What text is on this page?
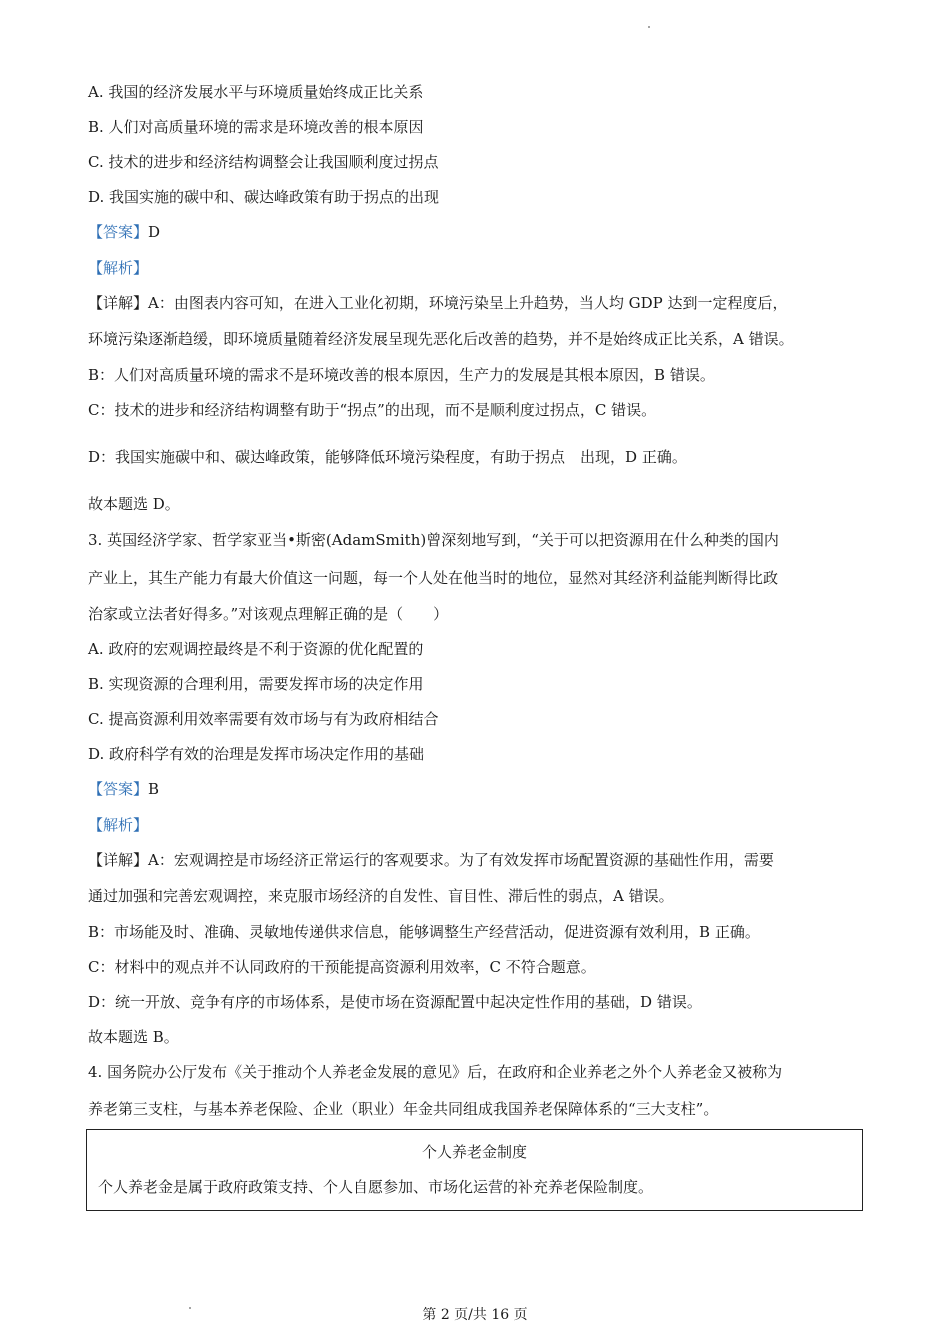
A. 我国的经济发展水平与环境质量始终成正比关系
B. 人们对高质量环境的需求是环境改善的根本原因
C. 技术的进步和经济结构调整会让我国顺利度过拐点
D. 我国实施的碳中和、碳达峰政策有助于拐点的出现
【答案】D
【解析】
【详解】A：由图表内容可知，在进入工业化初期，环境污染呈上升趋势，当人均 GDP 达到一定程度后，
环境污染逐渐趋缓，即环境质量随着经济发展呈现先恶化后改善的趋势，并不是始终成正比关系，A 错误。
B：人们对高质量环境的需求不是环境改善的根本原因，生产力的发展是其根本原因，B 错误。
C：技术的进步和经济结构调整有助于“拐点”的出现，而不是顺利度过拐点，C 错误。
D：我国实施碳中和、碳达峰政策，能够降低环境污染程度，有助于拐点　出现，D 正确。
故本题选 D。
3. 英国经济学家、哲学家亚当•斯密(AdamSmith)曾深刻地写到，“关于可以把资源用在什么种类的国内
产业上，其生产能力有最大价值这一问题，每一个人处在他当时的地位，显然对其经济利益能判断得比政
治家或立法者好得多。”对该观点理解正确的是（　　）
A. 政府的宏观调控最终是不利于资源的优化配置的
B. 实现资源的合理利用，需要发挥市场的决定作用
C. 提高资源利用效率需要有效市场与有为政府相结合
D. 政府科学有效的治理是发挥市场决定作用的基础
【答案】B
【解析】
【详解】A：宏观调控是市场经济正常运行的客观要求。为了有效发挥市场配置资源的基础性作用，需要
通过加强和完善宏观调控，来克服市场经济的自发性、盲目性、滞后性的弱点，A 错误。
B：市场能及时、准确、灵敏地传递供求信息，能够调整生产经营活动，促进资源有效利用，B 正确。
C：材料中的观点并不认同政府的干预能提高资源利用效率，C 不符合题意。
D：统一开放、竞争有序的市场体系，是使市场在资源配置中起决定性作用的基础，D 错误。
故本题选 B。
4. 国务院办公厅发布《关于推动个人养老金发展的意见》后，在政府和企业养老之外个人养老金又被称为
养老第三支柱，与基本养老保险、企业（职业）年金共同组成我国养老保障体系的“三大支柱”。
个人养老金制度
个人养老金是属于政府政策支持、个人自愿参加、市场化运营的补充养老保险制度。
第 2 页/共 16 页
